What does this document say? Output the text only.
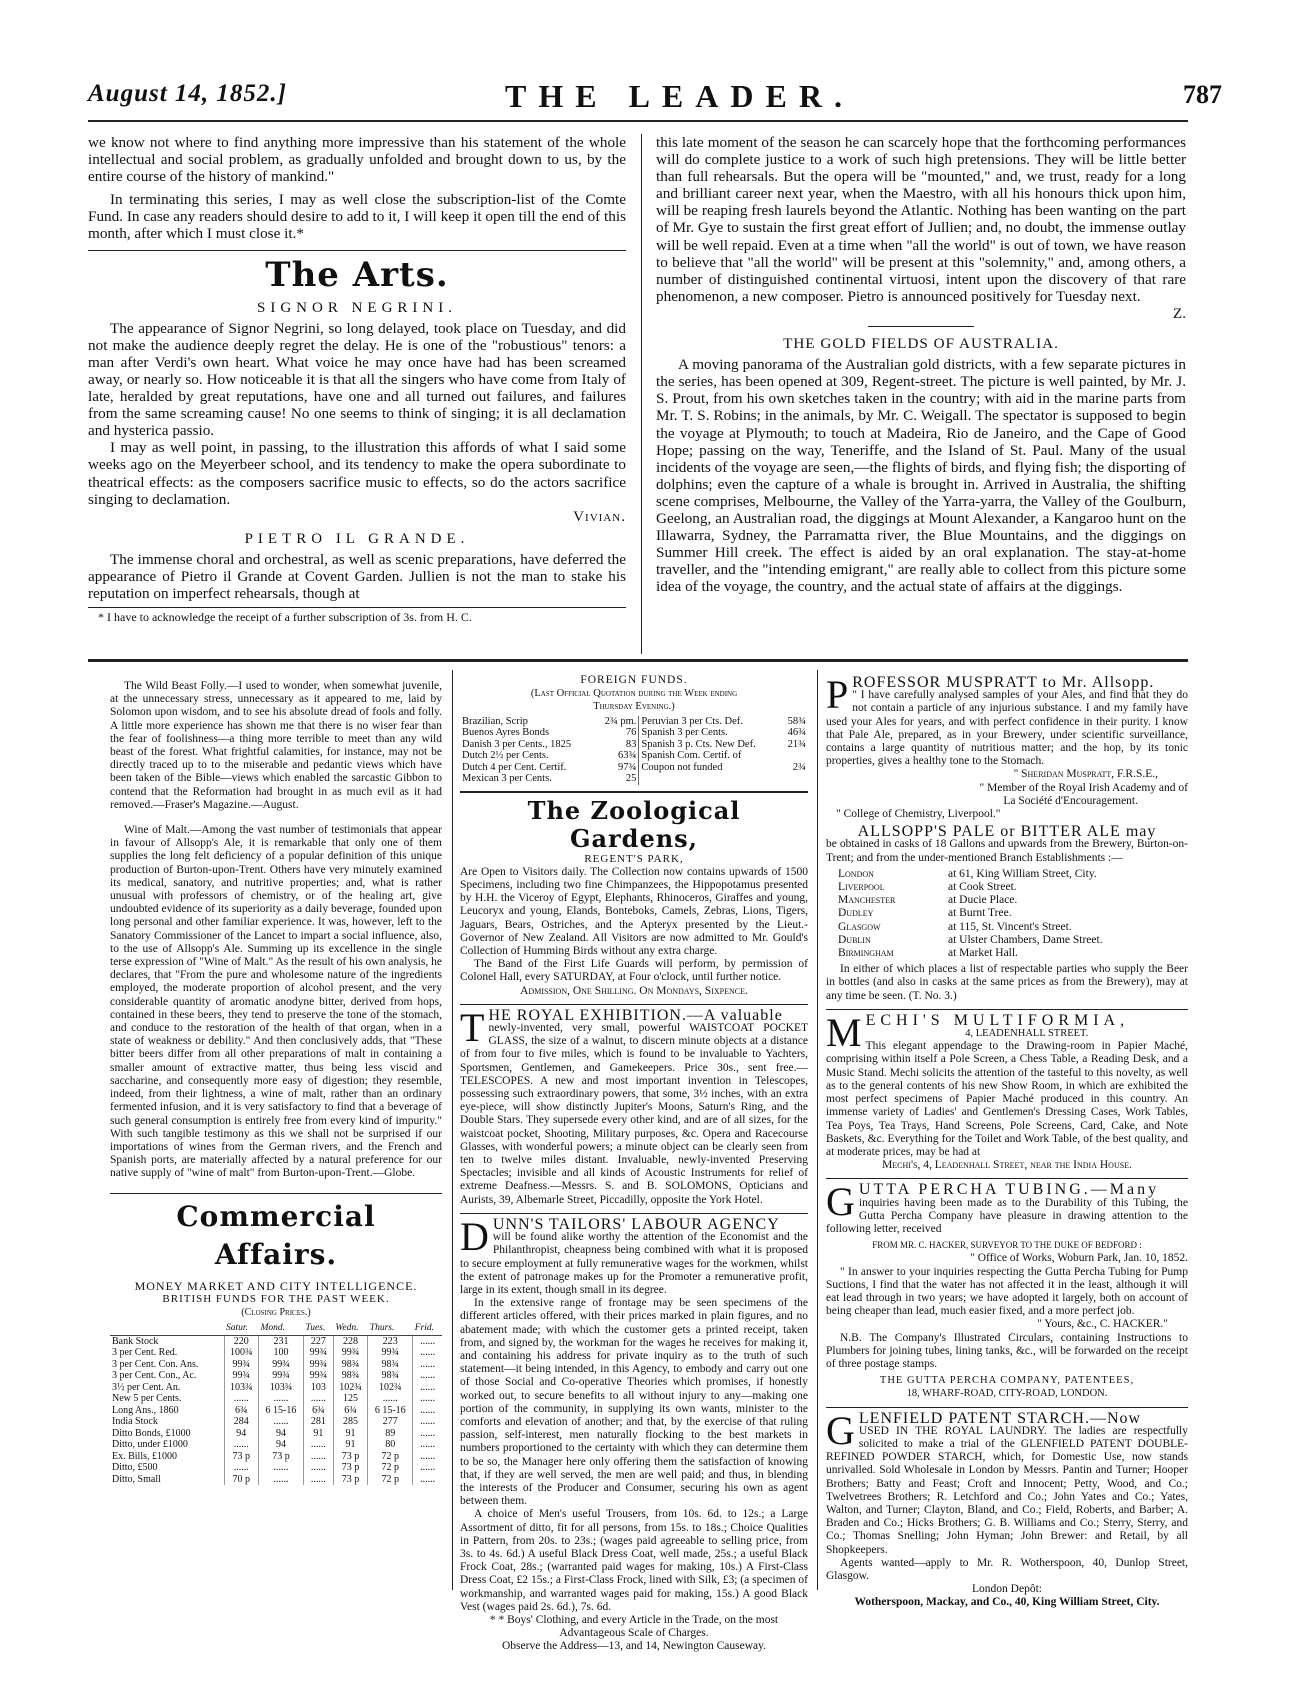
August 14, 1852.]	THE LEADER.	787

we know not where to find anything more impressive than his statement of the whole intellectual and social problem, as gradually unfolded and brought down to us, by the entire course of the history of mankind."

In terminating this series, I may as well close the subscription-list of the Comte Fund. In case any readers should desire to add to it, I will keep it open till the end of this month, after which I must close it.*

The Arts.
SIGNOR NEGRINI.

The appearance of Signor Negrini, so long delayed, took place on Tuesday, and did not make the audience deeply regret the delay. He is one of the "robustious" tenors: a man after Verdi's own heart. What voice he may once have had has been screamed away, or nearly so. How noticeable it is that all the singers who have come from Italy of late, heralded by great reputations, have one and all turned out failures, and failures from the same screaming cause! No one seems to think of singing; it is all declamation and hysterica passio.

I may as well point, in passing, to the illustration this affords of what I said some weeks ago on the Meyerbeer school, and its tendency to make the opera subordinate to theatrical effects: as the composers sacrifice music to effects, so do the actors sacrifice singing to declamation.

Vivian.
PIETRO IL GRANDE.

The immense choral and orchestral, as well as scenic preparations, have deferred the appearance of Pietro il Grande at Covent Garden. Jullien is not the man to stake his reputation on imperfect rehearsals, though at

* I have to acknowledge the receipt of a further subscription of 3s. from H. C.

this late moment of the season he can scarcely hope that the forthcoming performances will do complete justice to a work of such high pretensions. They will be little better than full rehearsals. But the opera will be "mounted," and, we trust, ready for a long and brilliant career next year, when the Maestro, with all his honours thick upon him, will be reaping fresh laurels beyond the Atlantic. Nothing has been wanting on the part of Mr. Gye to sustain the first great effort of Jullien; and, no doubt, the immense outlay will be well repaid. Even at a time when "all the world" is out of town, we have reason to believe that "all the world" will be present at this "solemnity," and, among others, a number of distinguished continental virtuosi, intent upon the discovery of that rare phenomenon, a new composer. Pietro is announced positively for Tuesday next.

Z.
THE GOLD FIELDS OF AUSTRALIA.

A moving panorama of the Australian gold districts, with a few separate pictures in the series, has been opened at 309, Regent-street. The picture is well painted, by Mr. J. S. Prout, from his own sketches taken in the country; with aid in the marine parts from Mr. T. S. Robins; in the animals, by Mr. C. Weigall. The spectator is supposed to begin the voyage at Plymouth; to touch at Madeira, Rio de Janeiro, and the Cape of Good Hope; passing on the way, Teneriffe, and the Island of St. Paul. Many of the usual incidents of the voyage are seen,—the flights of birds, and flying fish; the disporting of dolphins; even the capture of a whale is brought in. Arrived in Australia, the shifting scene comprises, Melbourne, the Valley of the Yarra-yarra, the Valley of the Goulburn, Geelong, an Australian road, the diggings at Mount Alexander, a Kangaroo hunt on the Illawarra, Sydney, the Parramatta river, the Blue Mountains, and the diggings on Summer Hill creek. The effect is aided by an oral explanation. The stay-at-home traveller, and the "intending emigrant," are really able to collect from this picture some idea of the voyage, the country, and the actual state of affairs at the diggings.

The Wild Beast Folly.—I used to wonder, when somewhat juvenile, at the unnecessary stress, unnecessary as it appeared to me, laid by Solomon upon wisdom, and to see his absolute dread of fools and folly. A little more experience has shown me that there is no wiser fear than the fear of foolishness—a thing more terrible to meet than any wild beast of the forest. What frightful calamities, for instance, may not be directly traced up to to the miserable and pedantic views which have been taken of the Bible—views which enabled the sarcastic Gibbon to contend that the Reformation had brought in as much evil as it had removed.—Fraser's Magazine.—August.

Wine of Malt.—Among the vast number of testimonials that appear in favour of Allsopp's Ale, it is remarkable that only one of them supplies the long felt deficiency of a popular definition of this unique production of Burton-upon-Trent. Others have very minutely examined its medical, sanatory, and nutritive properties; and, what is rather unusual with professors of chemistry, or of the healing art, give undoubted evidence of its superiority as a daily beverage, founded upon long personal and other familiar experience. It was, however, left to the Sanatory Commissioner of the Lancet to impart a social influence, also, to the use of Allsopp's Ale. Summing up its excellence in the single terse expression of "Wine of Malt." As the result of his own analysis, he declares, that "From the pure and wholesome nature of the ingredients employed, the moderate proportion of alcohol present, and the very considerable quantity of aromatic anodyne bitter, derived from hops, contained in these beers, they tend to preserve the tone of the stomach, and conduce to the restoration of the health of that organ, when in a state of weakness or debility." And then conclusively adds, that "These bitter beers differ from all other preparations of malt in containing a smaller amount of extractive matter, thus being less viscid and saccharine, and consequently more easy of digestion; they resemble, indeed, from their lightness, a wine of malt, rather than an ordinary fermented infusion, and it is very satisfactory to find that a beverage of such general consumption is entirely free from every kind of impurity." With such tangible testimony as this we shall not be surprised if our importations of wines from the German rivers, and the French and Spanish ports, are materially affected by a natural preference for our native supply of "wine of malt" from Burton-upon-Trent.—Globe.

Commercial Affairs.
MONEY MARKET AND CITY INTELLIGENCE.
BRITISH FUNDS FOR THE PAST WEEK.
(Closing Prices.)
	Satur.	Mond.	Tues.	Wedn.	Thurs.	Frid.
Bank Stock	220	231	227	228	223	......
3 per Cent. Red.	100¾	100	99¾	99¾	99¾	......
3 per Cent. Con. Ans.	99¾	99¾	99¾	98¾	98¾	......
3 per Cent. Con., Ac.	99¾	99¾	99¾	98¾	98¾	......
3½ per Cent. An.	103¾	103¾	103	102¾	102¾	......
New 5 per Cents.	......	......	......	125	......	......
Long Ans., 1860	6¾	6 15-16	6¾	6¾	6 15-16	......
India Stock	284	......	281	285	277	......
Ditto Bonds, £1000	94	94	91	91	89	......
Ditto, under £1000	......	94	......	91	80	......
Ex. Bills, £1000	73 p	73 p	......	73 p	72 p	......
Ditto, £500	......	......	......	73 p	72 p	......
Ditto, Small	70 p	......	......	73 p	72 p	......
FOREIGN FUNDS.
(Last Official Quotation during the Week ending
Thursday Evening.)
Brazilian, Scrip	2¾ pm.	Peruvian 3 per Cts. Def.	58¾
Buenos Ayres Bonds	76	Spanish 3 per Cents.	46¾
Danish 3 per Cents., 1825	83	Spanish 3 p. Cts. New Def.	21¾
Dutch 2½ per Cents.	63¾	Spanish Com. Certif. of	
Dutch 4 per Cent. Certif.	97¾	Coupon not funded	2¾
Mexican 3 per Cents.	25		
The Zoological Gardens,
REGENT'S PARK,

Are Open to Visitors daily. The Collection now contains upwards of 1500 Specimens, including two fine Chimpanzees, the Hippopotamus presented by H.H. the Viceroy of Egypt, Elephants, Rhinoceros, Giraffes and young, Leucoryx and young, Elands, Bonteboks, Camels, Zebras, Lions, Tigers, Jaguars, Bears, Ostriches, and the Apteryx presented by the Lieut.-Governor of New Zealand. All Visitors are now admitted to Mr. Gould's Collection of Humming Birds without any extra charge.

The Band of the First Life Guards will perform, by permission of Colonel Hall, every SATURDAY, at Four o'clock, until further notice.

Admission, One Shilling. On Mondays, Sixpence.
T HE ROYAL EXHIBITION.—A valuable
newly-invented, very small, powerful WAISTCOAT POCKET GLASS, the size of a walnut, to discern minute objects at a distance of from four to five miles, which is found to be invaluable to Yachters, Sportsmen, Gentlemen, and Gamekeepers. Price 30s., sent free.—TELESCOPES. A new and most important invention in Telescopes, possessing such extraordinary powers, that some, 3½ inches, with an extra eye-piece, will show distinctly Jupiter's Moons, Saturn's Ring, and the Double Stars. They supersede every other kind, and are of all sizes, for the waistcoat pocket, Shooting, Military purposes, &c. Opera and Racecourse Glasses, with wonderful powers; a minute object can be clearly seen from ten to twelve miles distant. Invaluable, newly-invented Preserving Spectacles; invisible and all kinds of Acoustic Instruments for relief of extreme Deafness.—Messrs. S. and B. SOLOMONS, Opticians and Aurists, 39, Albemarle Street, Piccadilly, opposite the York Hotel.
D UNN'S TAILORS' LABOUR AGENCY
will be found alike worthy the attention of the Economist and the Philanthropist, cheapness being combined with what it is proposed to secure employment at fully remunerative wages for the workmen, whilst the extent of patronage makes up for the Promoter a remunerative profit, large in its extent, though small in its degree.

In the extensive range of frontage may be seen specimens of the different articles offered, with their prices marked in plain figures, and no abatement made; with which the customer gets a printed receipt, taken from, and signed by, the workman for the wages he receives for making it, and containing his address for private inquiry as to the truth of such statement—it being intended, in this Agency, to embody and carry out one of those Social and Co-operative Theories which promises, if honestly worked out, to secure benefits to all without injury to any—making one portion of the community, in supplying its own wants, minister to the comforts and elevation of another; and that, by the exercise of that ruling passion, self-interest, men naturally flocking to the best markets in numbers proportioned to the certainty with which they can determine them to be so, the Manager here only offering them the satisfaction of knowing that, if they are well served, the men are well paid; and thus, in blending the interests of the Producer and Consumer, securing his own as agent between them.

A choice of Men's useful Trousers, from 10s. 6d. to 12s.; a Large Assortment of ditto, fit for all persons, from 15s. to 18s.; Choice Qualities in Pattern, from 20s. to 23s.; (wages paid agreeable to selling price, from 3s. to 4s. 6d.) A useful Black Dress Coat, well made, 25s.; a useful Black Frock Coat, 28s.; (warranted paid wages for making, 10s.) A First-Class Dress Coat, £2 15s.; a First-Class Frock, lined with Silk, £3; (a specimen of workmanship, and warranted wages paid for making, 15s.) A good Black Vest (wages paid 2s. 6d.), 7s. 6d.

* * Boys' Clothing, and every Article in the Trade, on the most Advantageous Scale of Charges.
Observe the Address—13, and 14, Newington Causeway.
P ROFESSOR MUSPRATT to Mr. Allsopp.
" I have carefully analysed samples of your Ales, and find that they do not contain a particle of any injurious substance. I and my family have used your Ales for years, and with perfect confidence in their purity. I know that Pale Ale, prepared, as in your Brewery, under scientific surveillance, contains a large quantity of nutritious matter; and the hop, by its tonic properties, gives a healthy tone to the Stomach.
" Sheridan Muspratt, F.R.S.E.,
" Member of the Royal Irish Academy and of
La Société d'Encouragement.
" College of Chemistry, Liverpool."
ALLSOPP'S PALE or BITTER ALE may
be obtained in casks of 18 Gallons and upwards from the Brewery, Burton-on-Trent; and from the under-mentioned Branch Establishments :—
London	at 61, King William Street, City.
Liverpool	at Cook Street.
Manchester	at Ducie Place.
Dudley	at Burnt Tree.
Glasgow	at 115, St. Vincent's Street.
Dublin	at Ulster Chambers, Dame Street.
Birmingham	at Market Hall.

In either of which places a list of respectable parties who supply the Beer in bottles (and also in casks at the same prices as from the Brewery), may at any time be seen. (T. No. 3.)

M ECHI'S MULTIFORMIA,
4, LEADENHALL STREET.
This elegant appendage to the Drawing-room in Papier Maché, comprising within itself a Pole Screen, a Chess Table, a Reading Desk, and a Music Stand. Mechi solicits the attention of the tasteful to this novelty, as well as to the general contents of his new Show Room, in which are exhibited the most perfect specimens of Papier Maché produced in this country. An immense variety of Ladies' and Gentlemen's Dressing Cases, Work Tables, Tea Poys, Tea Trays, Hand Screens, Pole Screens, Card, Cake, and Note Baskets, &c. Everything for the Toilet and Work Table, of the best quality, and at moderate prices, may be had at
Mechi's, 4, Leadenhall Street, near the India House.
G UTTA PERCHA TUBING.—Many
inquiries having been made as to the Durability of this Tubing, the Gutta Percha Company have pleasure in drawing attention to the following letter, received
FROM MR. C. HACKER, SURVEYOR TO THE DUKE OF BEDFORD :
" Office of Works, Woburn Park, Jan. 10, 1852.

" In answer to your inquiries respecting the Gutta Percha Tubing for Pump Suctions, I find that the water has not affected it in the least, although it will eat lead through in two years; we have adopted it largely, both on account of being cheaper than lead, much easier fixed, and a more perfect job.

" Yours, &c., C. HACKER."

N.B. The Company's Illustrated Circulars, containing Instructions to Plumbers for joining tubes, lining tanks, &c., will be forwarded on the receipt of three postage stamps.

THE GUTTA PERCHA COMPANY, PATENTEES,
18, WHARF-ROAD, CITY-ROAD, LONDON.
G LENFIELD PATENT STARCH.—Now
USED IN THE ROYAL LAUNDRY. The ladies are respectfully solicited to make a trial of the GLENFIELD PATENT DOUBLE-REFINED POWDER STARCH, which, for Domestic Use, now stands unrivalled. Sold Wholesale in London by Messrs. Pantin and Turner; Hooper Brothers; Batty and Feast; Croft and Innocent; Petty, Wood, and Co.; Twelvetrees Brothers; R. Letchford and Co.; John Yates and Co.; Yates, Walton, and Turner; Clayton, Bland, and Co.; Field, Roberts, and Barber; A. Braden and Co.; Hicks Brothers; G. B. Williams and Co.; Sterry, Sterry, and Co.; Thomas Snelling; John Hyman; John Brewer: and Retail, by all Shopkeepers.

Agents wanted—apply to Mr. R. Wotherspoon, 40, Dunlop Street, Glasgow.

London Depôt:
Wotherspoon, Mackay, and Co., 40, King William Street, City.
